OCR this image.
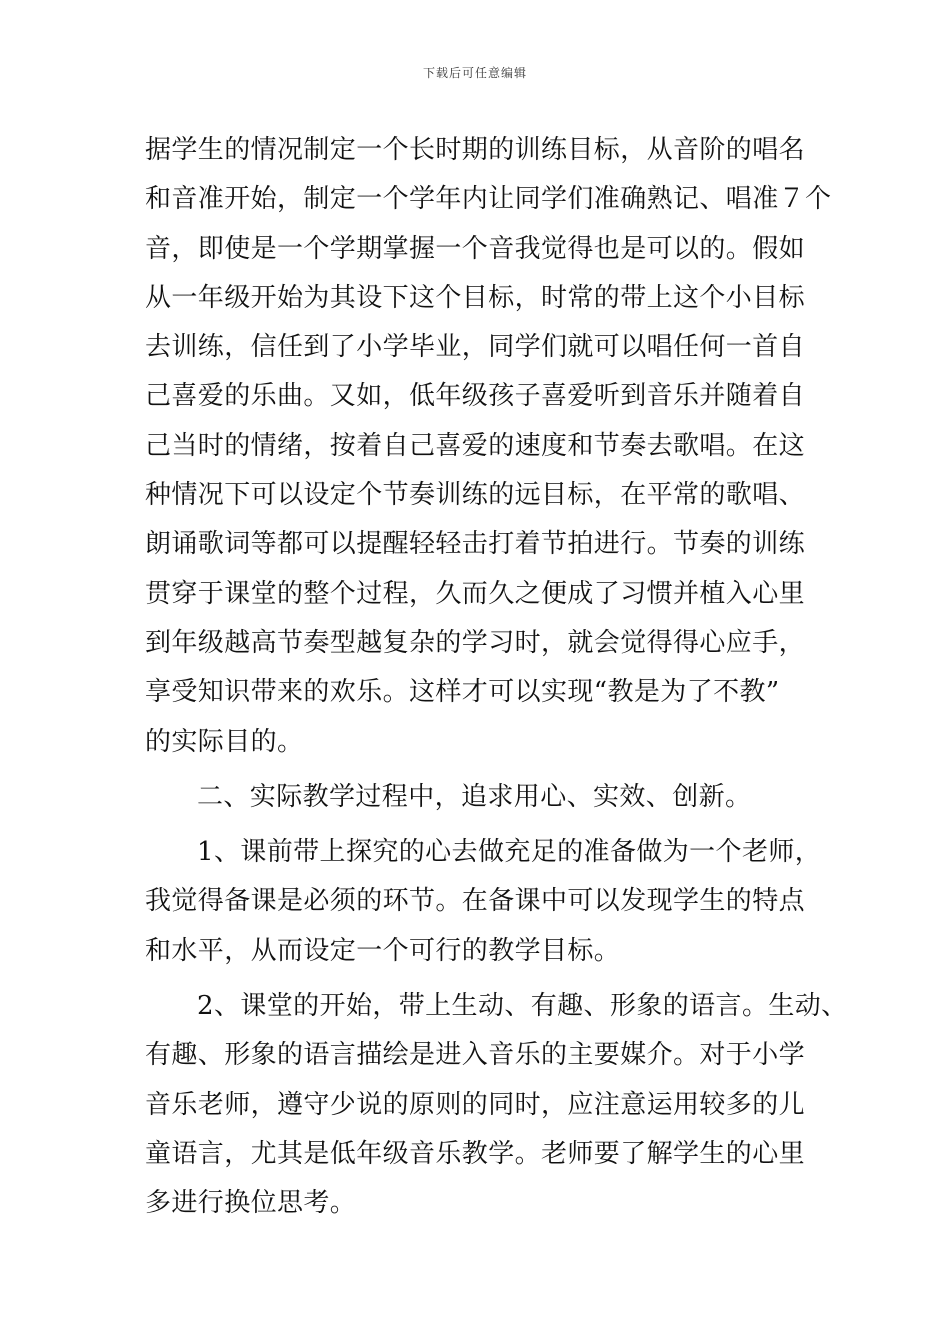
下载后可任意编辑
据学生的情况制定一个长时期的训练目标，从音阶的唱名
和音准开始，制定一个学年内让同学们准确熟记、唱准７个
音，即使是一个学期掌握一个音我觉得也是可以的。假如
从一年级开始为其设下这个目标，时常的带上这个小目标
去训练，信任到了小学毕业，同学们就可以唱任何一首自
己喜爱的乐曲。又如，低年级孩子喜爱听到音乐并随着自
己当时的情绪，按着自己喜爱的速度和节奏去歌唱。在这
种情况下可以设定个节奏训练的远目标，在平常的歌唱、
朗诵歌词等都可以提醒轻轻击打着节拍进行。节奏的训练
贯穿于课堂的整个过程，久而久之便成了习惯并植入心里
到年级越高节奏型越复杂的学习时，就会觉得得心应手，
享受知识带来的欢乐。这样才可以实现“教是为了不教”
的实际目的。
二、实际教学过程中，追求用心、实效、创新。
1、课前带上探究的心去做充足的准备做为一个老师，
我觉得备课是必须的环节。在备课中可以发现学生的特点
和水平，从而设定一个可行的教学目标。
2、课堂的开始，带上生动、有趣、形象的语言。生动、
有趣、形象的语言描绘是进入音乐的主要媒介。对于小学
音乐老师，遵守少说的原则的同时，应注意运用较多的儿
童语言，尤其是低年级音乐教学。老师要了解学生的心里
多进行换位思考。
